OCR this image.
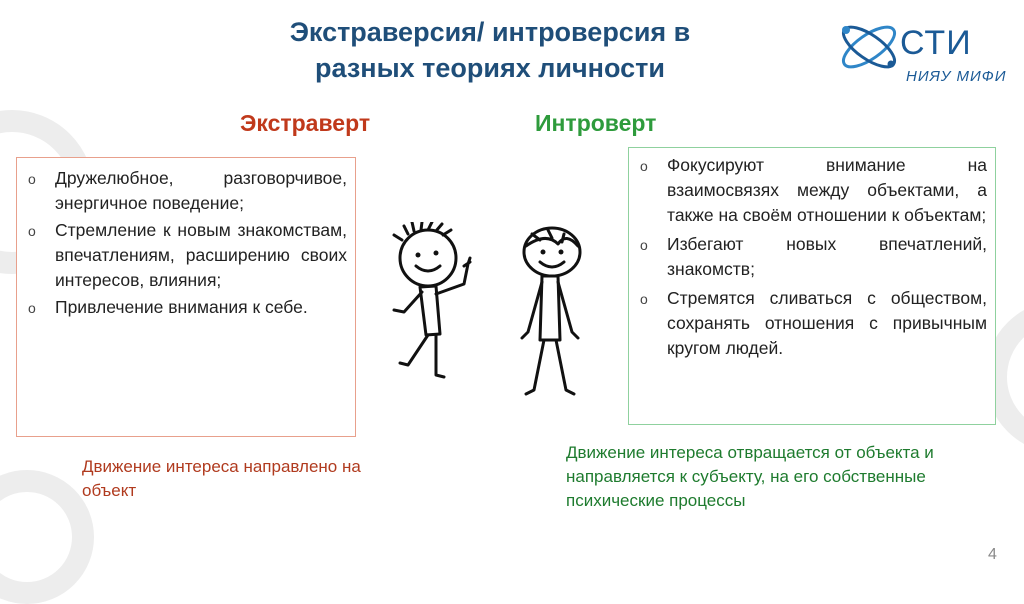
Экстраверсия/ интроверсия в
разных теориях личности
СТИ
НИЯУ МИФИ
Экстраверт	Интроверт
o Дружелюбное, разговорчивое, энергичное поведение;
o Стремление к новым знакомствам, впечатлениям, расширению своих интересов, влияния;
o Привлечение внимания к себе.
o Фокусируют внимание на взаимосвязях между объектами, а также на своём отношении к объектам;
o Избегают новых впечатлений, знакомств;
o Стремятся сливаться с обществом, сохранять отношения с привычным кругом людей.
Движение интереса направлено на объект
Движение интереса отвращается от объекта и направляется к субъекту, на его собственные психические процессы
4
